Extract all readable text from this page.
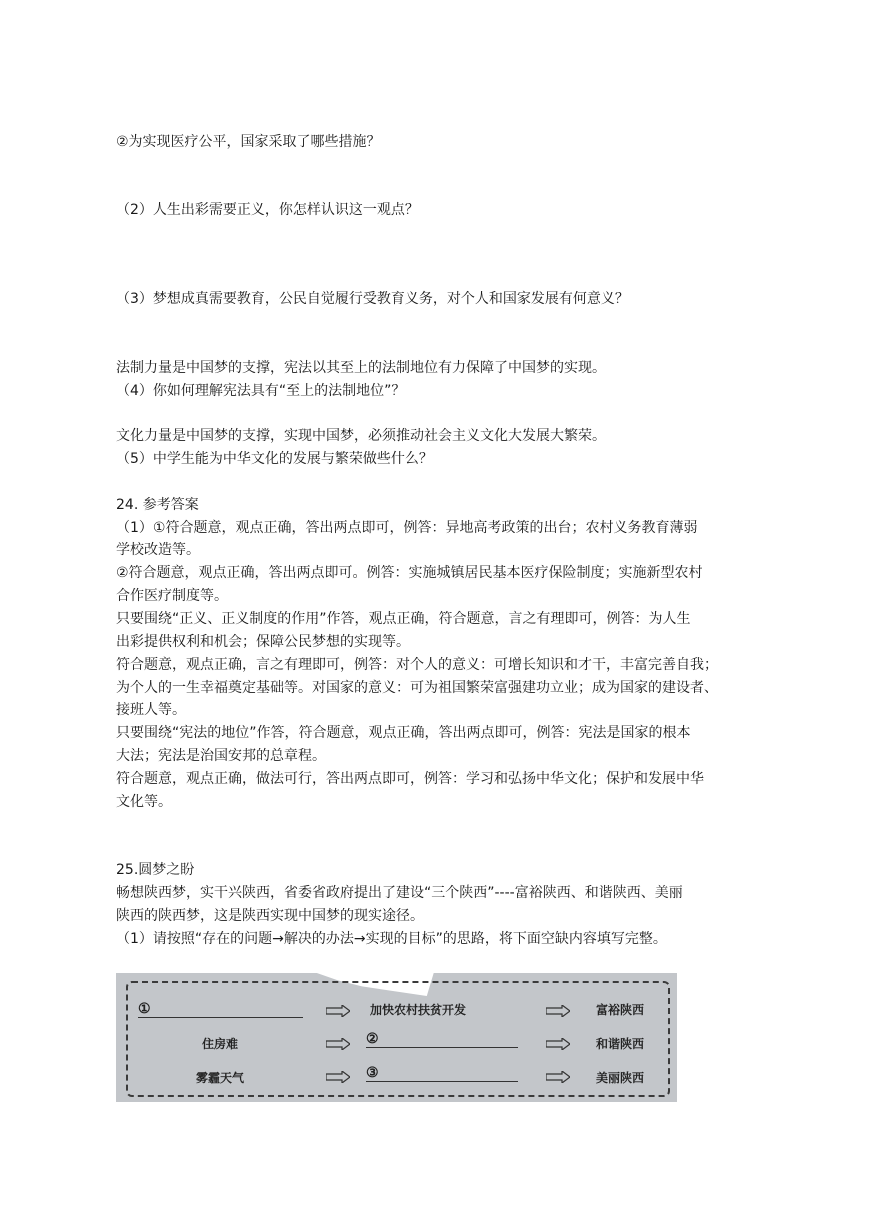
②为实现医疗公平，国家采取了哪些措施？
（2）人生出彩需要正义，你怎样认识这一观点？
（3）梦想成真需要教育，公民自觉履行受教育义务，对个人和国家发展有何意义？
法制力量是中国梦的支撑，宪法以其至上的法制地位有力保障了中国梦的实现。
（4）你如何理解宪法具有“至上的法制地位”？
文化力量是中国梦的支撑，实现中国梦，必须推动社会主义文化大发展大繁荣。
（5）中学生能为中华文化的发展与繁荣做些什么？
24. 参考答案
（1）①符合题意，观点正确，答出两点即可，例答：异地高考政策的出台；农村义务教育薄弱
学校改造等。
②符合题意，观点正确，答出两点即可。例答：实施城镇居民基本医疗保险制度；实施新型农村
合作医疗制度等。
只要围绕“正义、正义制度的作用”作答，观点正确，符合题意，言之有理即可，例答：为人生
出彩提供权利和机会；保障公民梦想的实现等。
符合题意，观点正确，言之有理即可，例答：对个人的意义：可增长知识和才干，丰富完善自我；
为个人的一生幸福奠定基础等。对国家的意义：可为祖国繁荣富强建功立业；成为国家的建设者、
接班人等。
只要围绕“宪法的地位”作答，符合题意，观点正确，答出两点即可，例答：宪法是国家的根本
大法；宪法是治国安邦的总章程。
符合题意，观点正确，做法可行，答出两点即可，例答：学习和弘扬中华文化；保护和发展中华
文化等。
25.圆梦之盼
畅想陕西梦，实干兴陕西，省委省政府提出了建设“三个陕西”----富裕陕西、和谐陕西、美丽
陕西的陕西梦，这是陕西实现中国梦的现实途径。
（1）请按照“存在的问题→解决的办法→实现的目标”的思路，将下面空缺内容填写完整。
①	加快农村扶贫开发	富裕陕西
住房难	②	和谐陕西
雾霾天气	③	美丽陕西
